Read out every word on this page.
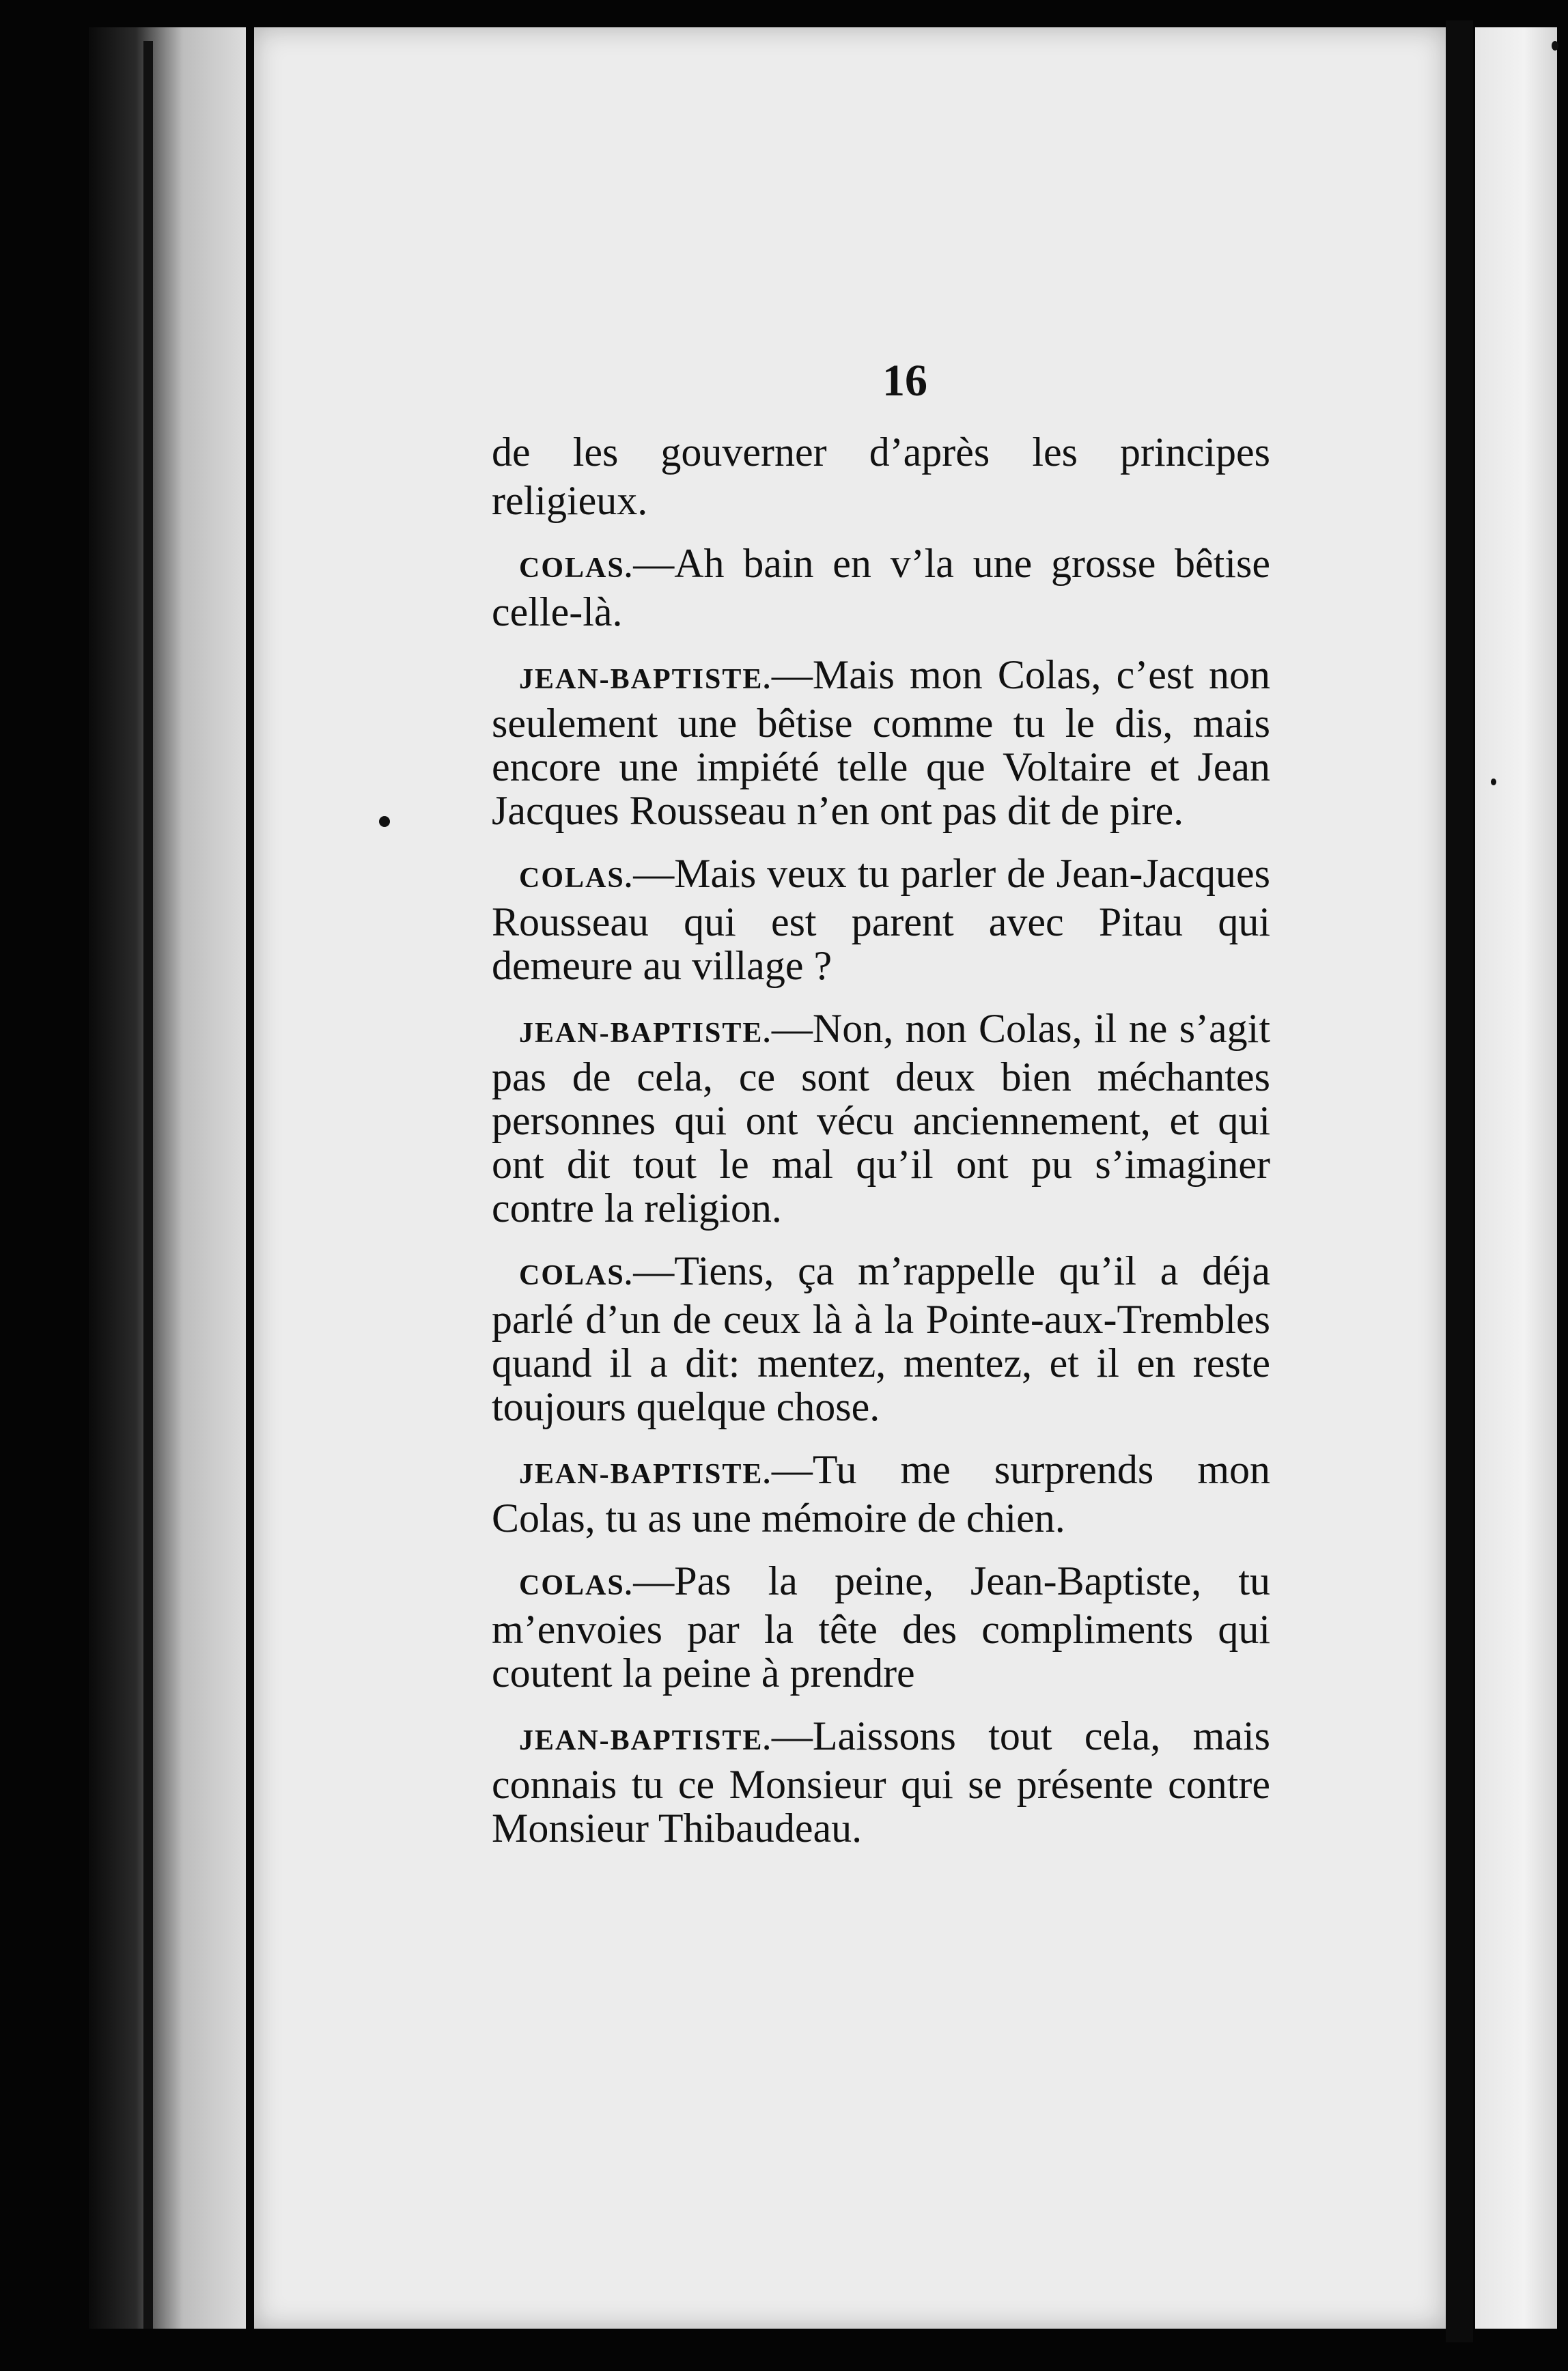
16

de les gouverner d’après les principes religieux.

COLAS.—Ah bain en v’la une grosse bêtise celle-là.

JEAN-BAPTISTE.—Mais mon Colas, c’est non seulement une bêtise comme tu le dis, mais encore une impiété telle que Voltaire et Jean Jacques Rousseau n’en ont pas dit de pire.

COLAS.—Mais veux tu parler de Jean-Jacques Rousseau qui est parent avec Pitau qui demeure au village ?

JEAN-BAPTISTE.—Non, non Colas, il ne s’agit pas de cela, ce sont deux bien méchantes personnes qui ont vécu anciennement, et qui ont dit tout le mal qu’il ont pu s’imaginer contre la religion.

COLAS.—Tiens, ça m’rappelle qu’il a déja parlé d’un de ceux là à la Pointe-aux-Trembles quand il a dit: mentez, mentez, et il en reste toujours quelque chose.

JEAN-BAPTISTE.—Tu me surprends mon Colas, tu as une mémoire de chien.

COLAS.—Pas la peine, Jean-Baptiste, tu m’envoies par la tête des compliments qui coutent la peine à prendre

JEAN-BAPTISTE.—Laissons tout cela, mais connais tu ce Monsieur qui se présente contre Monsieur Thibaudeau.
